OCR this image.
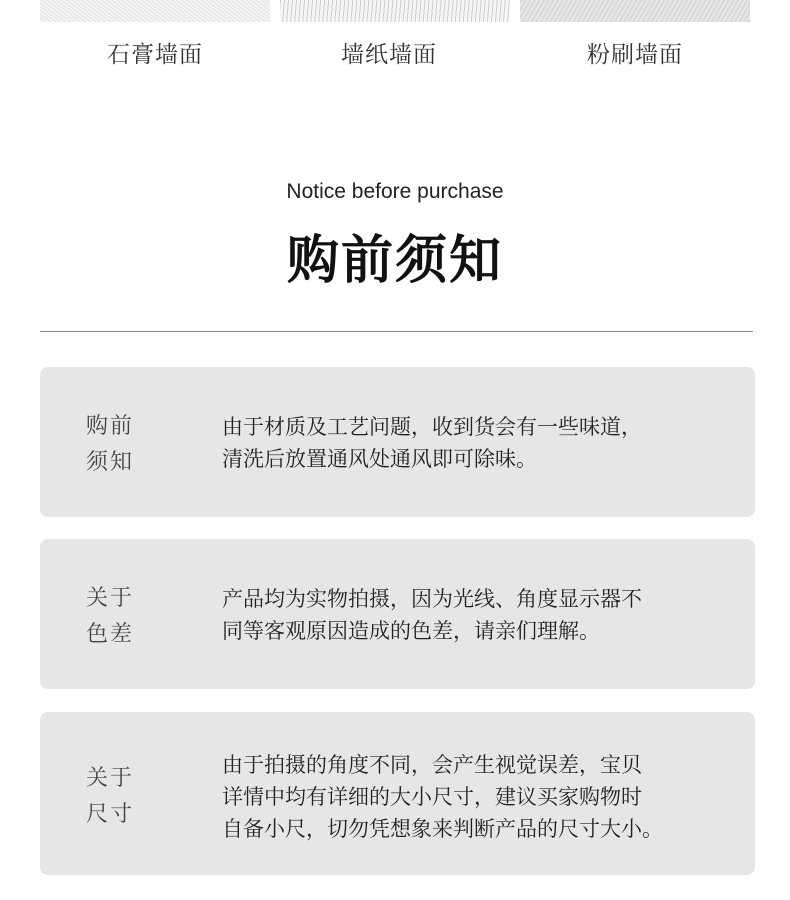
石膏墙面	墙纸墙面	粉刷墙面
Notice before purchase
购前须知
购前
须知
由于材质及工艺问题，收到货会有一些味道，
清洗后放置通风处通风即可除味。
关于
色差
产品均为实物拍摄，因为光线、角度显示器不
同等客观原因造成的色差，请亲们理解。
关于
尺寸
由于拍摄的角度不同，会产生视觉误差，宝贝
详情中均有详细的大小尺寸，建议买家购物时
自备小尺，切勿凭想象来判断产品的尺寸大小。
